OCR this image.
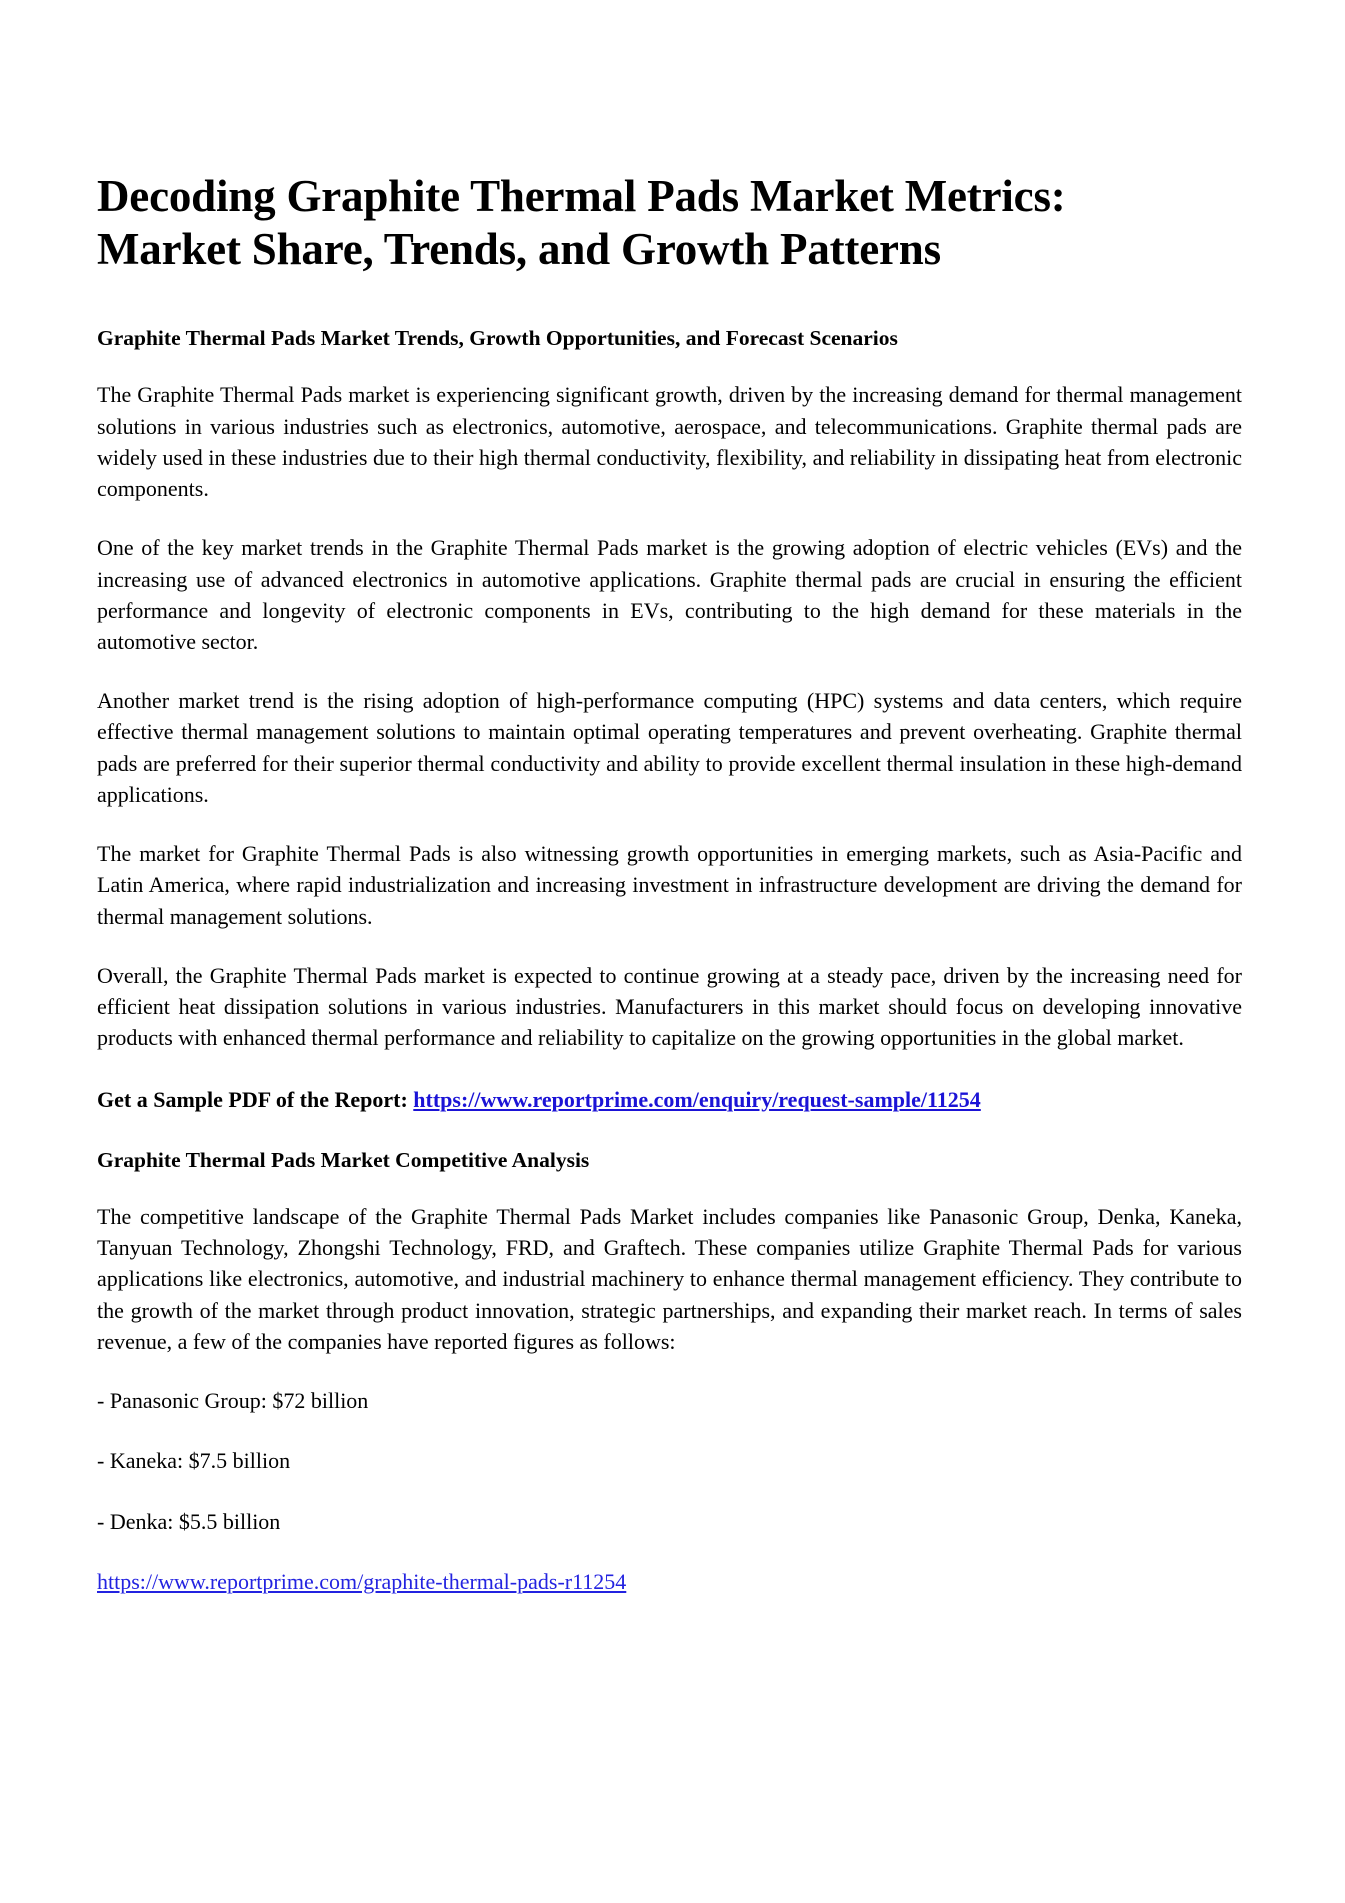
Decoding Graphite Thermal Pads Market Metrics: Market Share, Trends, and Growth Patterns
Graphite Thermal Pads Market Trends, Growth Opportunities, and Forecast Scenarios

The Graphite Thermal Pads market is experiencing significant growth, driven by the increasing demand for thermal management solutions in various industries such as electronics, automotive, aerospace, and telecommunications. Graphite thermal pads are widely used in these industries due to their high thermal conductivity, flexibility, and reliability in dissipating heat from electronic components.

One of the key market trends in the Graphite Thermal Pads market is the growing adoption of electric vehicles (EVs) and the increasing use of advanced electronics in automotive applications. Graphite thermal pads are crucial in ensuring the efficient performance and longevity of electronic components in EVs, contributing to the high demand for these materials in the automotive sector.

Another market trend is the rising adoption of high-performance computing (HPC) systems and data centers, which require effective thermal management solutions to maintain optimal operating temperatures and prevent overheating. Graphite thermal pads are preferred for their superior thermal conductivity and ability to provide excellent thermal insulation in these high-demand applications.

The market for Graphite Thermal Pads is also witnessing growth opportunities in emerging markets, such as Asia-Pacific and Latin America, where rapid industrialization and increasing investment in infrastructure development are driving the demand for thermal management solutions.

Overall, the Graphite Thermal Pads market is expected to continue growing at a steady pace, driven by the increasing need for efficient heat dissipation solutions in various industries. Manufacturers in this market should focus on developing innovative products with enhanced thermal performance and reliability to capitalize on the growing opportunities in the global market.

Get a Sample PDF of the Report: https://www.reportprime.com/enquiry/request-sample/11254

Graphite Thermal Pads Market Competitive Analysis

The competitive landscape of the Graphite Thermal Pads Market includes companies like Panasonic Group, Denka, Kaneka, Tanyuan Technology, Zhongshi Technology, FRD, and Graftech. These companies utilize Graphite Thermal Pads for various applications like electronics, automotive, and industrial machinery to enhance thermal management efficiency. They contribute to the growth of the market through product innovation, strategic partnerships, and expanding their market reach. In terms of sales revenue, a few of the companies have reported figures as follows:

- Panasonic Group: $72 billion

- Kaneka: $7.5 billion

- Denka: $5.5 billion

https://www.reportprime.com/graphite-thermal-pads-r11254
